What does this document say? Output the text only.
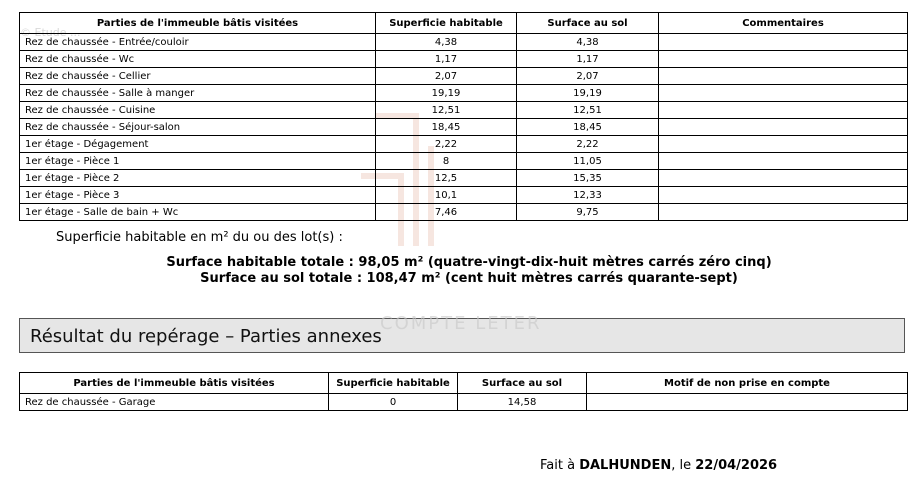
© Etude ...
Parties de l'immeuble bâtis visitées	Superficie habitable	Surface au sol	Commentaires
Rez de chaussée - Entrée/couloir	4,38	4,38	
Rez de chaussée - Wc	1,17	1,17	
Rez de chaussée - Cellier	2,07	2,07	
Rez de chaussée - Salle à manger	19,19	19,19	
Rez de chaussée - Cuisine	12,51	12,51	
Rez de chaussée - Séjour-salon	18,45	18,45	
1er étage - Dégagement	2,22	2,22	
1er étage - Pièce 1	8	11,05	
1er étage - Pièce 2	12,5	15,35	
1er étage - Pièce 3	10,1	12,33	
1er étage - Salle de bain + Wc	7,46	9,75	
Superficie habitable en m² du ou des lot(s) :
Surface habitable totale : 98,05 m² (quatre-vingt-dix-huit mètres carrés zéro cinq)
Surface au sol totale : 108,47 m² (cent huit mètres carrés quarante-sept)
Résultat du repérage – Parties annexes
COMPTE LETER
Parties de l'immeuble bâtis visitées	Superficie habitable	Surface au sol	Motif de non prise en compte
Rez de chaussée - Garage	0	14,58	
Fait à DALHUNDEN, le 22/04/2026
